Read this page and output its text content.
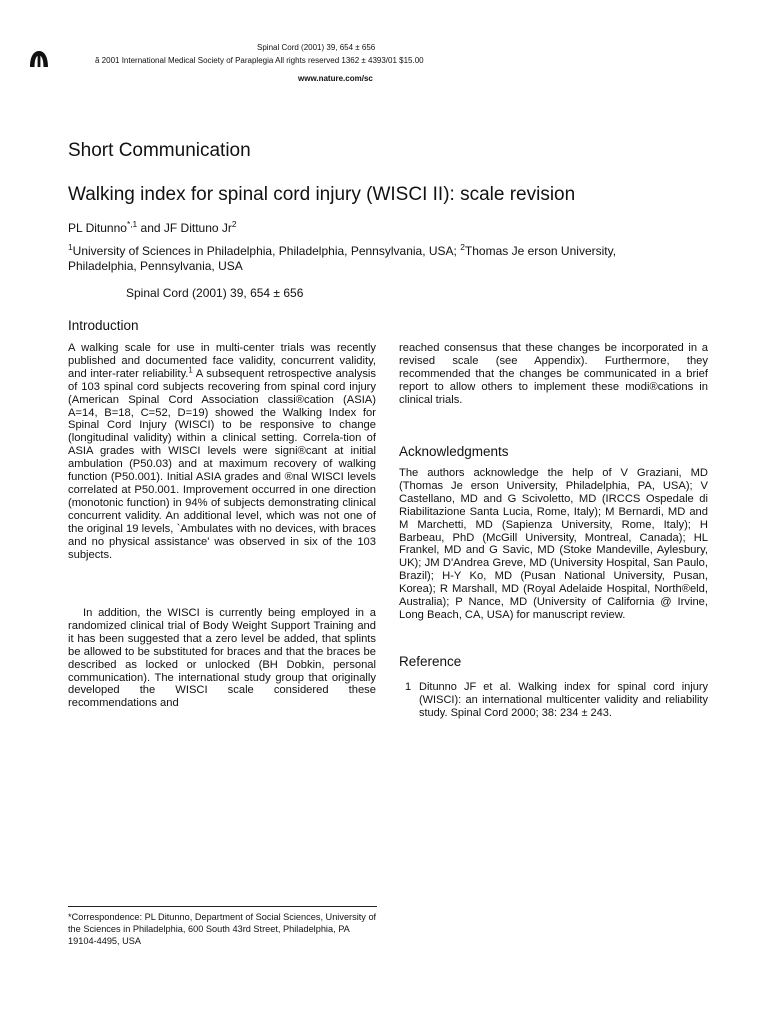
Spinal Cord (2001) 39, 654 ± 656
ã 2001 International Medical Society of Paraplegia All rights reserved 1362 ± 4393/01 $15.00
www.nature.com/sc
Short Communication
Walking index for spinal cord injury (WISCI II): scale revision
PL Ditunno$^{*,1}$ and JF Dittuno Jr$^2$
$^1$University of Sciences in Philadelphia, Philadelphia, Pennsylvania, USA; $^2$Thomas Je erson University, Philadelphia, Pennsylvania, USA
Spinal Cord (2001) 39, 654 ± 656
Introduction
A walking scale for use in multi-center trials was recently published and documented face validity, concurrent validity, and inter-rater reliability.$^1$ A subsequent retrospective analysis of 103 spinal cord subjects recovering from spinal cord injury (American Spinal Cord Association classi®cation (ASIA) A=14, B=18, C=52, D=19) showed the Walking Index for Spinal Cord Injury (WISCI) to be responsive to change (longitudinal validity) within a clinical setting. Correla-tion of ASIA grades with WISCI levels were signi®cant at initial ambulation (P50.03) and at maximum recovery of walking function (P50.001). Initial ASIA grades and ®nal WISCI levels correlated at P50.001. Improvement occurred in one direction (monotonic function) in 94% of subjects demonstrating clinical concurrent validity. An additional level, which was not one of the original 19 levels, `Ambulates with no devices, with braces and no physical assistance' was observed in six of the 103 subjects.
In addition, the WISCI is currently being employed in a randomized clinical trial of Body Weight Support Training and it has been suggested that a zero level be added, that splints be allowed to be substituted for braces and that the braces be described as locked or unlocked (BH Dobkin, personal communication). The international study group that originally developed the WISCI scale considered these recommendations and
reached consensus that these changes be incorporated in a revised scale (see Appendix). Furthermore, they recommended that the changes be communicated in a brief report to allow others to implement these modi®cations in clinical trials.
Acknowledgments
The authors acknowledge the help of V Graziani, MD (Thomas Je erson University, Philadelphia, PA, USA); V Castellano, MD and G Scivoletto, MD (IRCCS Ospedale di Riabilitazione Santa Lucia, Rome, Italy); M Bernardi, MD and M Marchetti, MD (Sapienza University, Rome, Italy); H Barbeau, PhD (McGill University, Montreal, Canada); HL Frankel, MD and G Savic, MD (Stoke Mandeville, Aylesbury, UK); JM D'Andrea Greve, MD (University Hospital, San Paulo, Brazil); H-Y Ko, MD (Pusan National University, Pusan, Korea); R Marshall, MD (Royal Adelaide Hospital, North®eld, Australia); P Nance, MD (University of California @ Irvine, Long Beach, CA, USA) for manuscript review.
Reference
1 Ditunno JF et al. Walking index for spinal cord injury (WISCI): an international multicenter validity and reliability study. Spinal Cord 2000; 38: 234 ± 243.
*Correspondence: PL Ditunno, Department of Social Sciences, University of the Sciences in Philadelphia, 600 South 43rd Street, Philadelphia, PA 19104-4495, USA
